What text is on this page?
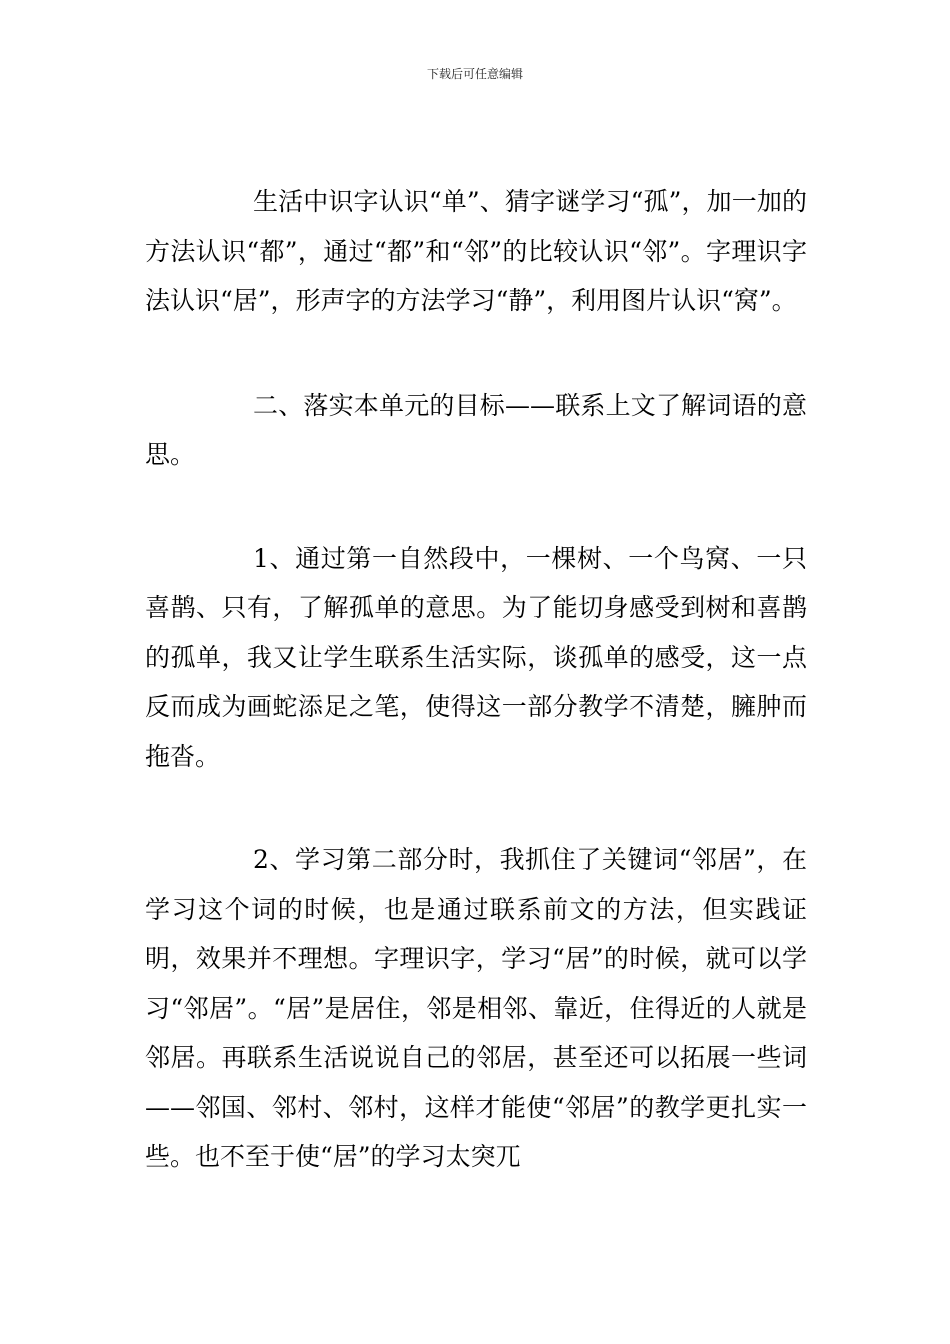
下载后可任意编辑

生活中识字认识“单”、猜字谜学习“孤”，加一加的方法认识“都”，通过“都”和“邻”的比较认识“邻”。字理识字法认识“居”，形声字的方法学习“静”，利用图片认识“窝”。

二、落实本单元的目标——联系上文了解词语的意思。

1、通过第一自然段中，一棵树、一个鸟窝、一只喜鹊、只有，了解孤单的意思。为了能切身感受到树和喜鹊的孤单，我又让学生联系生活实际，谈孤单的感受，这一点反而成为画蛇添足之笔，使得这一部分教学不清楚，臃肿而拖沓。

2、学习第二部分时，我抓住了关键词“邻居”，在学习这个词的时候，也是通过联系前文的方法，但实践证明，效果并不理想。字理识字，学习“居”的时候，就可以学习“邻居”。“居”是居住，邻是相邻、靠近，住得近的人就是邻居。再联系生活说说自己的邻居，甚至还可以拓展一些词——邻国、邻村、邻村，这样才能使“邻居”的教学更扎实一些。也不至于使“居”的学习太突兀
